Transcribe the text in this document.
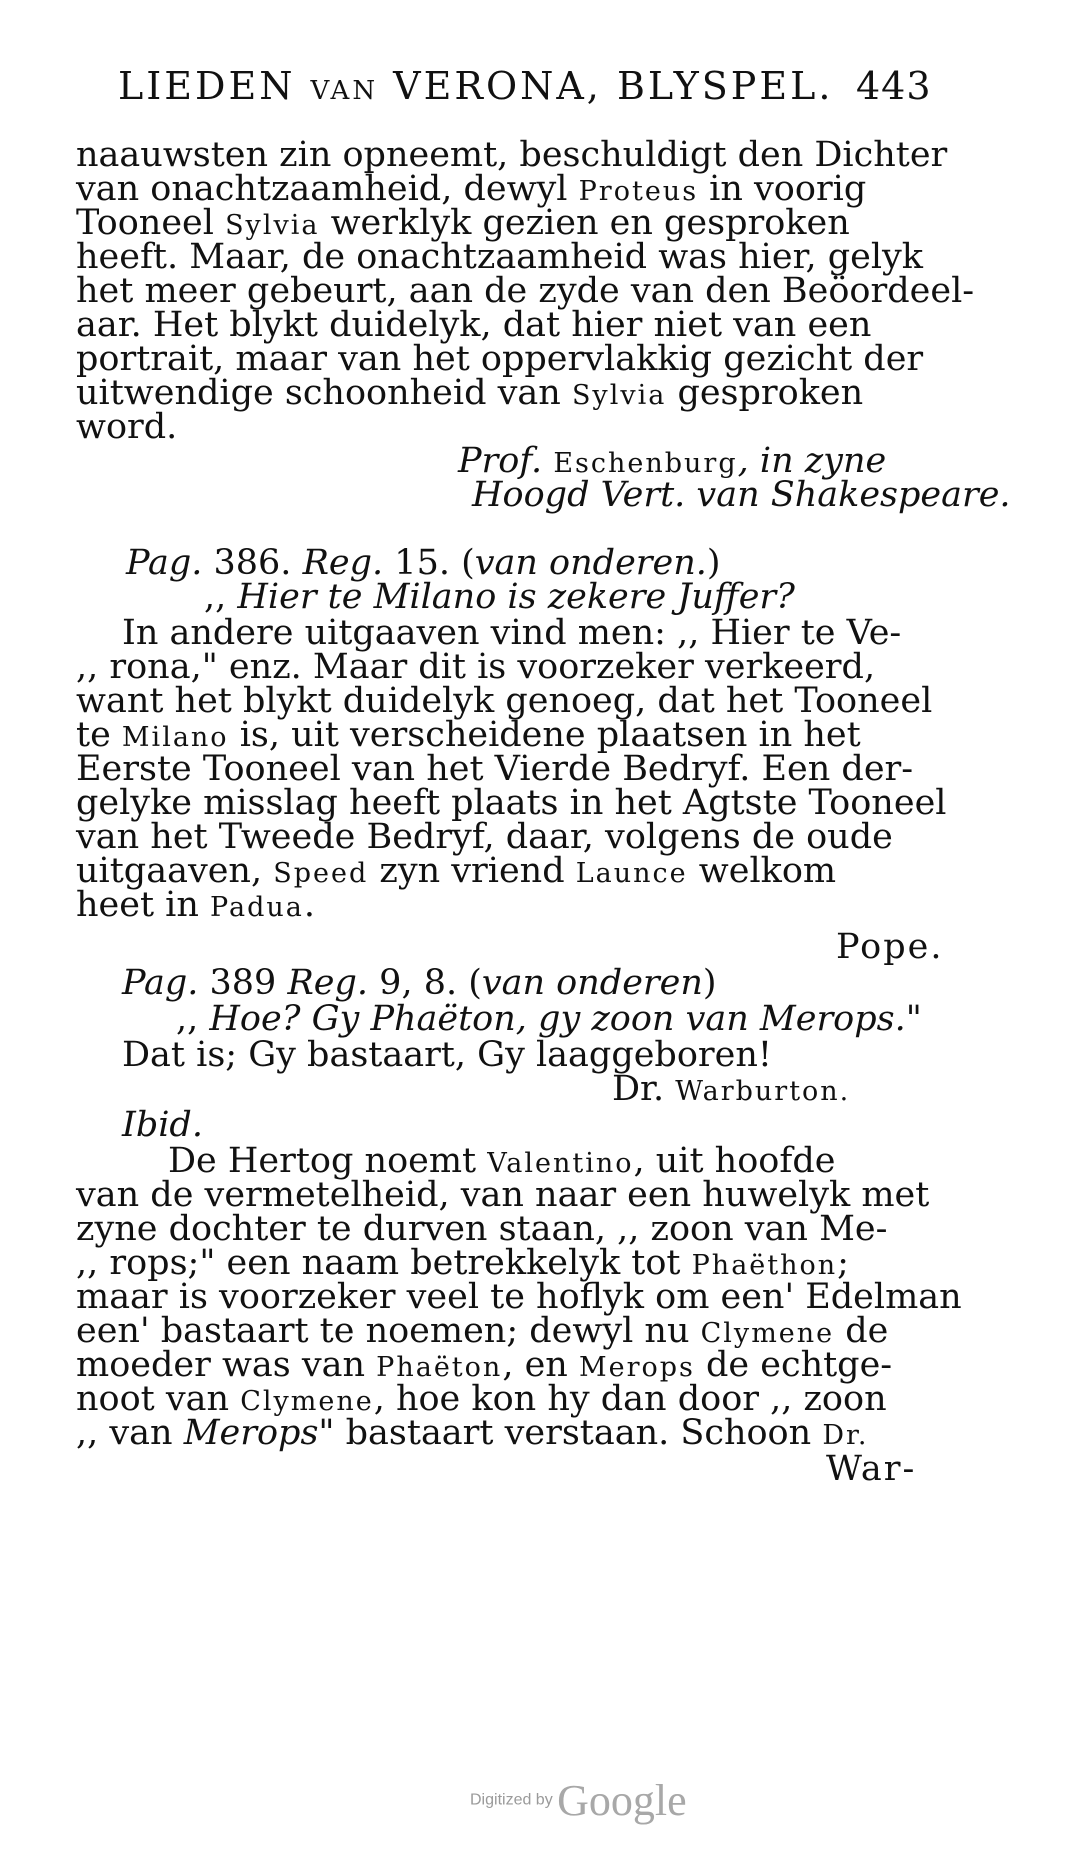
LIEDEN VAN VERONA, BLYSPEL. 443
naauwsten zin opneemt, beschuldigt den Dichter
van onachtzaamheid, dewyl Proteus in voorig
Tooneel Sylvia werklyk gezien en gesproken
heeft. Maar, de onachtzaamheid was hier, gelyk
het meer gebeurt, aan de zyde van den Beöordeel-
aar. Het blykt duidelyk, dat hier niet van een
portrait, maar van het oppervlakkig gezicht der
uitwendige schoonheid van Sylvia gesproken
word.
Prof. Eschenburg, in zyne
Hoogd Vert. van Shakespeare.
Pag. 386. Reg. 15. (van onderen.)
,, Hier te Milano is zekere Juffer?
In andere uitgaaven vind men: ,, Hier te Ve-
,, rona," enz. Maar dit is voorzeker verkeerd,
want het blykt duidelyk genoeg, dat het Tooneel
te Milano is, uit verscheidene plaatsen in het
Eerste Tooneel van het Vierde Bedryf. Een der-
gelyke misslag heeft plaats in het Agtste Tooneel
van het Tweede Bedryf, daar, volgens de oude
uitgaaven, Speed zyn vriend Launce welkom
heet in Padua.
Pope.
Pag. 389 Reg. 9, 8. (van onderen)
,, Hoe? Gy Phaëton, gy zoon van Merops."
Dat is; Gy bastaart, Gy laaggeboren!
Dr. Warburton.
Ibid.
De Hertog noemt Valentino, uit hoofde
van de vermetelheid, van naar een huwelyk met
zyne dochter te durven staan, ,, zoon van Me-
,, rops;" een naam betrekkelyk tot Phaëthon;
maar is voorzeker veel te hoflyk om een' Edelman
een' bastaart te noemen; dewyl nu Clymene de
moeder was van Phaëton, en Merops de echtge-
noot van Clymene, hoe kon hy dan door ,, zoon
,, van Merops" bastaart verstaan. Schoon Dr.
War-
Digitized by Google
